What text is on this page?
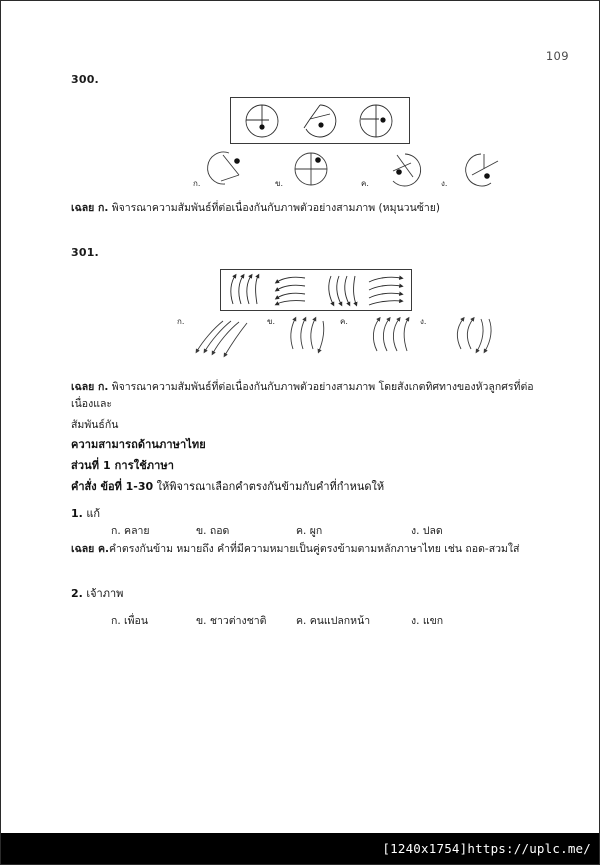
109
300.
ก.	ข.	ค.	ง.
เฉลย ก. พิจารณาความสัมพันธ์ที่ต่อเนื่องกันกับภาพตัวอย่างสามภาพ (หมุนวนซ้าย)
301.
ก.	ข.	ค.	ง.
เฉลย ก. พิจารณาความสัมพันธ์ที่ต่อเนื่องกันกับภาพตัวอย่างสามภาพ โดยสังเกตทิศทางของหัวลูกศรที่ต่อเนื่องและ
สัมพันธ์กัน
ความสามารถด้านภาษาไทย
ส่วนที่ 1 การใช้ภาษา
คำสั่ง ข้อที่ 1-30 ให้พิจารณาเลือกคำตรงกันข้ามกับคำที่กำหนดให้
1. แก้
ก. คลาย	ข. ถอด	ค. ผูก	ง. ปลด
เฉลย ค.คำตรงกันข้าม หมายถึง คำที่มีความหมายเป็นคู่ตรงข้ามตามหลักภาษาไทย เช่น ถอด-สวมใส่
2. เจ้าภาพ
ก. เพื่อน	ข. ชาวต่างชาติ	ค. คนแปลกหน้า	ง. แขก
[1240x1754]https://uplc.me/
